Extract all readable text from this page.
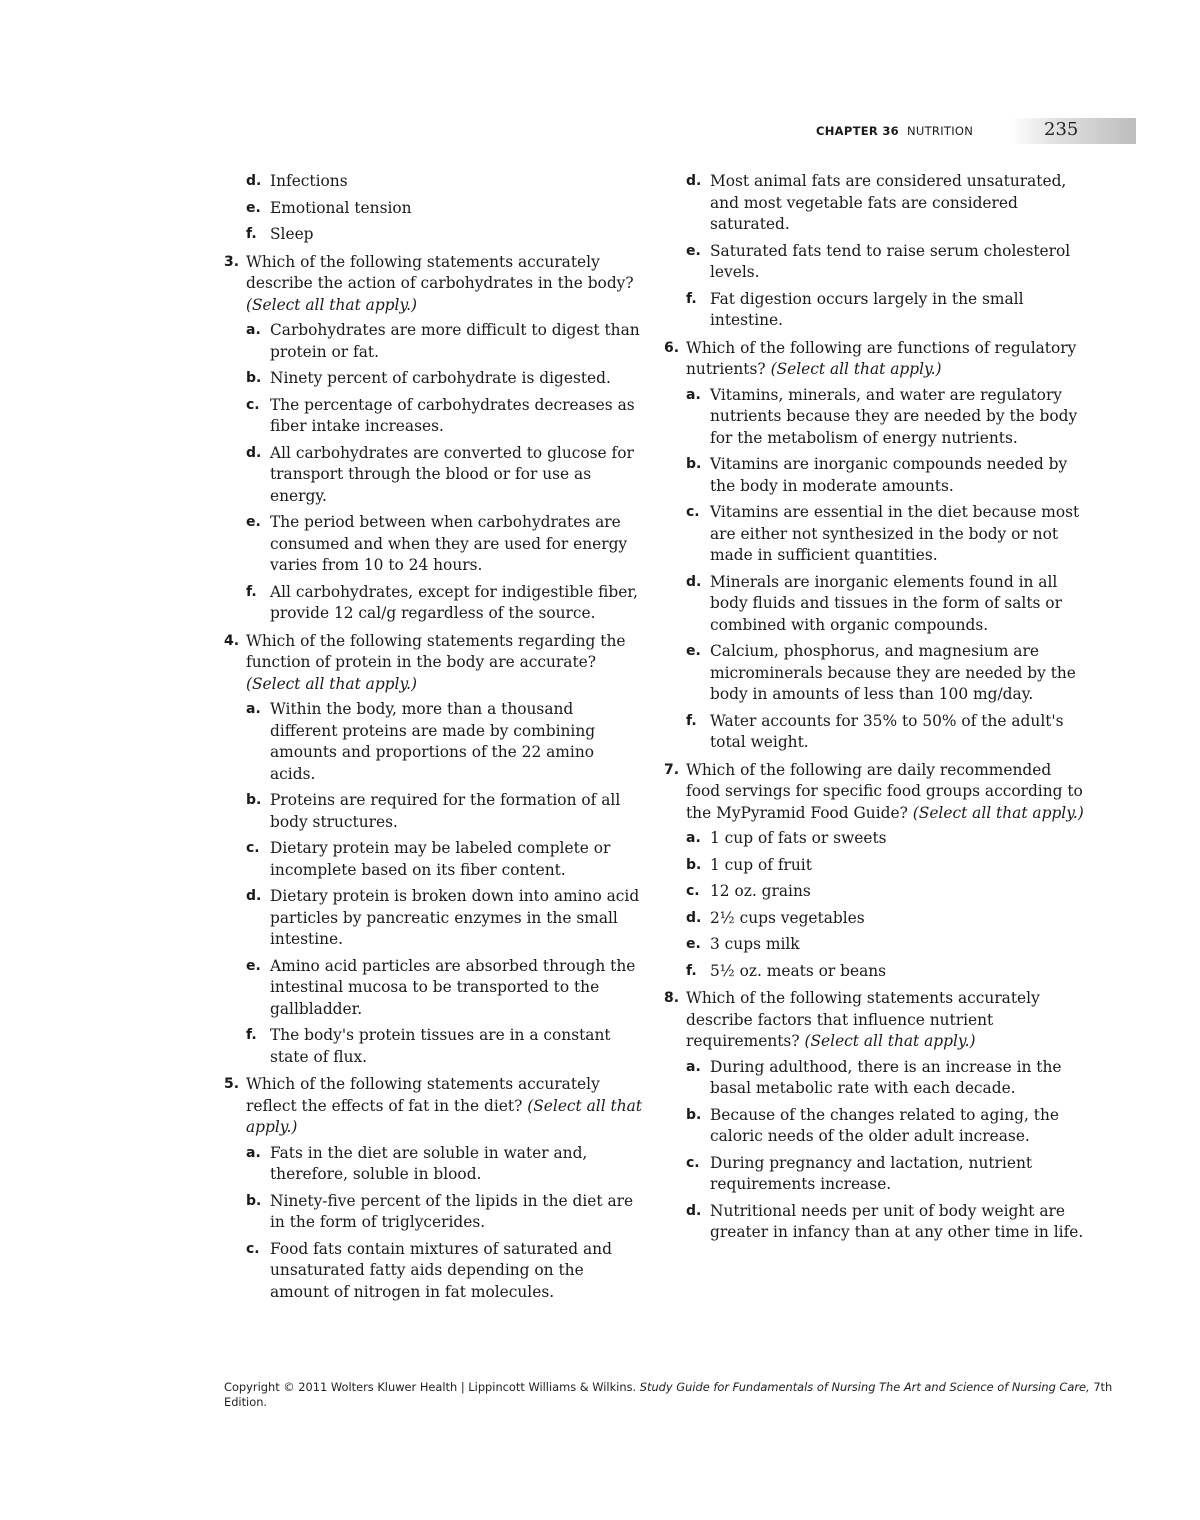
CHAPTER 36 NUTRITION	235
d. Infections
e. Emotional tension
f. Sleep
3. Which of the following statements accurately describe the action of carbohydrates in the body? (Select all that apply.)
a. Carbohydrates are more difficult to digest than protein or fat.
b. Ninety percent of carbohydrate is digested.
c. The percentage of carbohydrates decreases as fiber intake increases.
d. All carbohydrates are converted to glucose for transport through the blood or for use as energy.
e. The period between when carbohydrates are consumed and when they are used for energy varies from 10 to 24 hours.
f. All carbohydrates, except for indigestible fiber, provide 12 cal/g regardless of the source.
4. Which of the following statements regarding the function of protein in the body are accurate? (Select all that apply.)
a. Within the body, more than a thousand different proteins are made by combining amounts and proportions of the 22 amino acids.
b. Proteins are required for the formation of all body structures.
c. Dietary protein may be labeled complete or incomplete based on its fiber content.
d. Dietary protein is broken down into amino acid particles by pancreatic enzymes in the small intestine.
e. Amino acid particles are absorbed through the intestinal mucosa to be transported to the gallbladder.
f. The body's protein tissues are in a constant state of flux.
5. Which of the following statements accurately reflect the effects of fat in the diet? (Select all that apply.)
a. Fats in the diet are soluble in water and, therefore, soluble in blood.
b. Ninety-five percent of the lipids in the diet are in the form of triglycerides.
c. Food fats contain mixtures of saturated and unsaturated fatty aids depending on the amount of nitrogen in fat molecules.
d. Most animal fats are considered unsaturated, and most vegetable fats are considered saturated.
e. Saturated fats tend to raise serum cholesterol levels.
f. Fat digestion occurs largely in the small intestine.
6. Which of the following are functions of regulatory nutrients? (Select all that apply.)
a. Vitamins, minerals, and water are regulatory nutrients because they are needed by the body for the metabolism of energy nutrients.
b. Vitamins are inorganic compounds needed by the body in moderate amounts.
c. Vitamins are essential in the diet because most are either not synthesized in the body or not made in sufficient quantities.
d. Minerals are inorganic elements found in all body fluids and tissues in the form of salts or combined with organic compounds.
e. Calcium, phosphorus, and magnesium are microminerals because they are needed by the body in amounts of less than 100 mg/day.
f. Water accounts for 35% to 50% of the adult's total weight.
7. Which of the following are daily recommended food servings for specific food groups according to the MyPyramid Food Guide? (Select all that apply.)
a. 1 cup of fats or sweets
b. 1 cup of fruit
c. 12 oz. grains
d. 2½ cups vegetables
e. 3 cups milk
f. 5½ oz. meats or beans
8. Which of the following statements accurately describe factors that influence nutrient requirements? (Select all that apply.)
a. During adulthood, there is an increase in the basal metabolic rate with each decade.
b. Because of the changes related to aging, the caloric needs of the older adult increase.
c. During pregnancy and lactation, nutrient requirements increase.
d. Nutritional needs per unit of body weight are greater in infancy than at any other time in life.
Copyright © 2011 Wolters Kluwer Health | Lippincott Williams & Wilkins. Study Guide for Fundamentals of Nursing The Art and Science of Nursing Care, 7th Edition.
